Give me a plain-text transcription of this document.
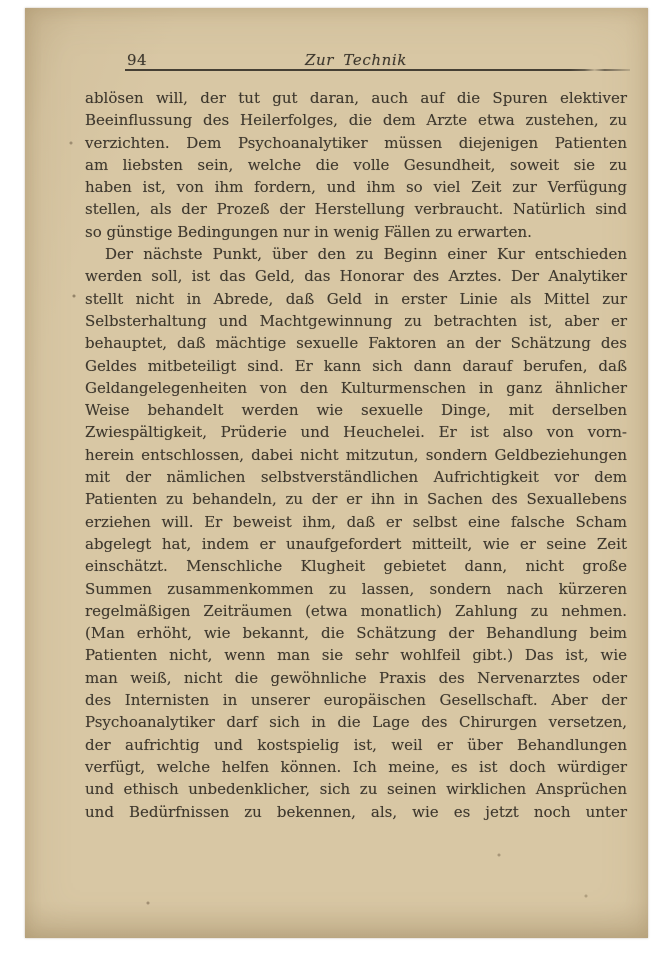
94	Zur Technik
ablösen will, der tut gut daran, auch auf die Spuren elektiver
Beeinflussung des Heilerfolges, die dem Arzte etwa zustehen, zu
verzichten. Dem Psychoanalytiker müssen diejenigen Patienten
am liebsten sein, welche die volle Gesundheit, soweit sie zu
haben ist, von ihm fordern, und ihm so viel Zeit zur Verfügung
stellen, als der Prozeß der Herstellung verbraucht. Natürlich sind
so günstige Bedingungen nur in wenig Fällen zu erwarten.
Der nächste Punkt, über den zu Beginn einer Kur entschieden
werden soll, ist das Geld, das Honorar des Arztes. Der Analytiker
stellt nicht in Abrede, daß Geld in erster Linie als Mittel zur
Selbsterhaltung und Machtgewinnung zu betrachten ist, aber er
behauptet, daß mächtige sexuelle Faktoren an der Schätzung des
Geldes mitbeteiligt sind. Er kann sich dann darauf berufen, daß
Geldangelegenheiten von den Kulturmenschen in ganz ähnlicher
Weise behandelt werden wie sexuelle Dinge, mit derselben
Zwiespältigkeit, Prüderie und Heuchelei. Er ist also von vorn-
herein entschlossen, dabei nicht mitzutun, sondern Geldbeziehungen
mit der nämlichen selbstverständlichen Aufrichtigkeit vor dem
Patienten zu behandeln, zu der er ihn in Sachen des Sexuallebens
erziehen will. Er beweist ihm, daß er selbst eine falsche Scham
abgelegt hat, indem er unaufgefordert mitteilt, wie er seine Zeit
einschätzt. Menschliche Klugheit gebietet dann, nicht große
Summen zusammenkommen zu lassen, sondern nach kürzeren
regelmäßigen Zeiträumen (etwa monatlich) Zahlung zu nehmen.
(Man erhöht, wie bekannt, die Schätzung der Behandlung beim
Patienten nicht, wenn man sie sehr wohlfeil gibt.) Das ist, wie
man weiß, nicht die gewöhnliche Praxis des Nervenarztes oder
des Internisten in unserer europäischen Gesellschaft. Aber der
Psychoanalytiker darf sich in die Lage des Chirurgen versetzen,
der aufrichtig und kostspielig ist, weil er über Behandlungen
verfügt, welche helfen können. Ich meine, es ist doch würdiger
und ethisch unbedenklicher, sich zu seinen wirklichen Ansprüchen
und Bedürfnissen zu bekennen, als, wie es jetzt noch unter
